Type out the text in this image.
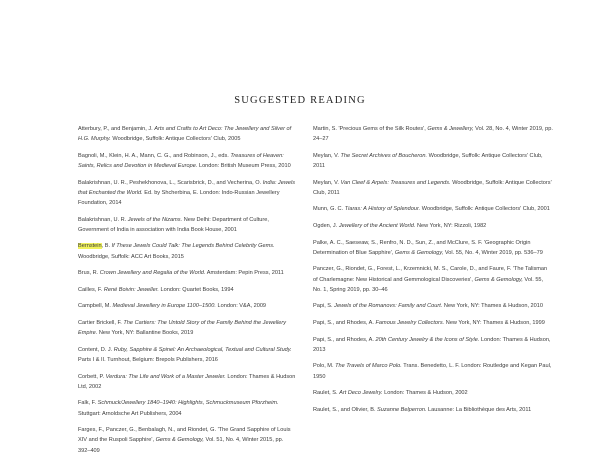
SUGGESTED READING

Atterbury, P., and Benjamin, J. Arts and Crafts to Art Deco: The Jewellery and Silver of H.G. Murphy. Woodbridge, Suffolk: Antique Collectors' Club, 2005

Bagnoli, M., Klein, H. A., Mann, C. G., and Robinson, J., eds. Treasures of Heaven: Saints, Relics and Devotion in Medieval Europe. London: British Museum Press, 2010

Balakrishnan, U. R., Peshekhonova, L., Scarisbrick, D., and Vecherina, O. India: Jewels that Enchanted the World. Ed. by Shcherbina, E. London: Indo-Russian Jewellery Foundation, 2014

Balakrishnan, U. R. Jewels of the Nizams. New Delhi: Department of Culture, Government of India in association with India Book House, 2001

Bernstein, B. If These Jewels Could Talk: The Legends Behind Celebrity Gems. Woodbridge, Suffolk: ACC Art Books, 2015

Brus, R. Crown Jewellery and Regalia of the World. Amsterdam: Pepin Press, 2011

Cailles, F. René Boivin: Jeweller. London: Quartet Books, 1994

Campbell, M. Medieval Jewellery in Europe 1100–1500. London: V&A, 2009

Cartier Brickell, F. The Cartiers: The Untold Story of the Family Behind the Jewellery Empire. New York, NY: Ballantine Books, 2019

Content, D. J. Ruby, Sapphire & Spinel: An Archaeological, Textual and Cultural Study. Parts I & II. Turnhout, Belgium: Brepols Publishers, 2016

Corbett, P. Verdura: The Life and Work of a Master Jeweler. London: Thames & Hudson Ltd, 2002

Falk, F. Schmuck/Jewellery 1840–1940: Highlights, Schmuckmuseum Pforzheim. Stuttgart: Arnoldsche Art Publishers, 2004

Farges, F., Panczer, G., Benbalagh, N., and Riondet, G. 'The Grand Sapphire of Louis XIV and the Ruspoli Sapphire', Gems & Gemology, Vol. 51, No. 4, Winter 2015, pp. 392–409

Martin, S. 'Precious Gems of the Silk Routes', Gems & Jewellery, Vol. 28, No. 4, Winter 2019, pp. 24–27

Meylan, V. The Secret Archives of Boucheron. Woodbridge, Suffolk: Antique Collectors' Club, 2011

Meylan, V. Van Cleef & Arpels: Treasures and Legends. Woodbridge, Suffolk: Antique Collectors' Club, 2011

Munn, G. C. Tiaras: A History of Splendour. Woodbridge, Suffolk: Antique Collectors' Club, 2001

Ogden, J. Jewellery of the Ancient World. New York, NY: Rizzoli, 1982

Palke, A. C., Saeseaw, S., Renfro, N. D., Sun, Z., and McClure, S. F. 'Geographic Origin Determination of Blue Sapphire', Gems & Gemology, Vol. 55, No. 4, Winter 2019, pp. 536–79

Panczer, G., Riondet, G., Forest, L., Krzemnicki, M. S., Carole, D., and Faure, F. 'The Talisman of Charlemagne: New Historical and Gemmological Discoveries', Gems & Gemology, Vol. 55, No. 1, Spring 2019, pp. 30–46

Papi, S. Jewels of the Romanovs: Family and Court. New York, NY: Thames & Hudson, 2010

Papi, S., and Rhodes, A. Famous Jewelry Collectors. New York, NY: Thames & Hudson, 1999

Papi, S., and Rhodes, A. 20th Century Jewelry & the Icons of Style. London: Thames & Hudson, 2013

Polo, M. The Travels of Marco Polo. Trans. Benedetto, L. F. London: Routledge and Kegan Paul, 1950

Raulet, S. Art Deco Jewelry. London: Thames & Hudson, 2002

Raulet, S., and Olivier, B. Suzanne Belperron. Lausanne: La Bibliothèque des Arts, 2011
